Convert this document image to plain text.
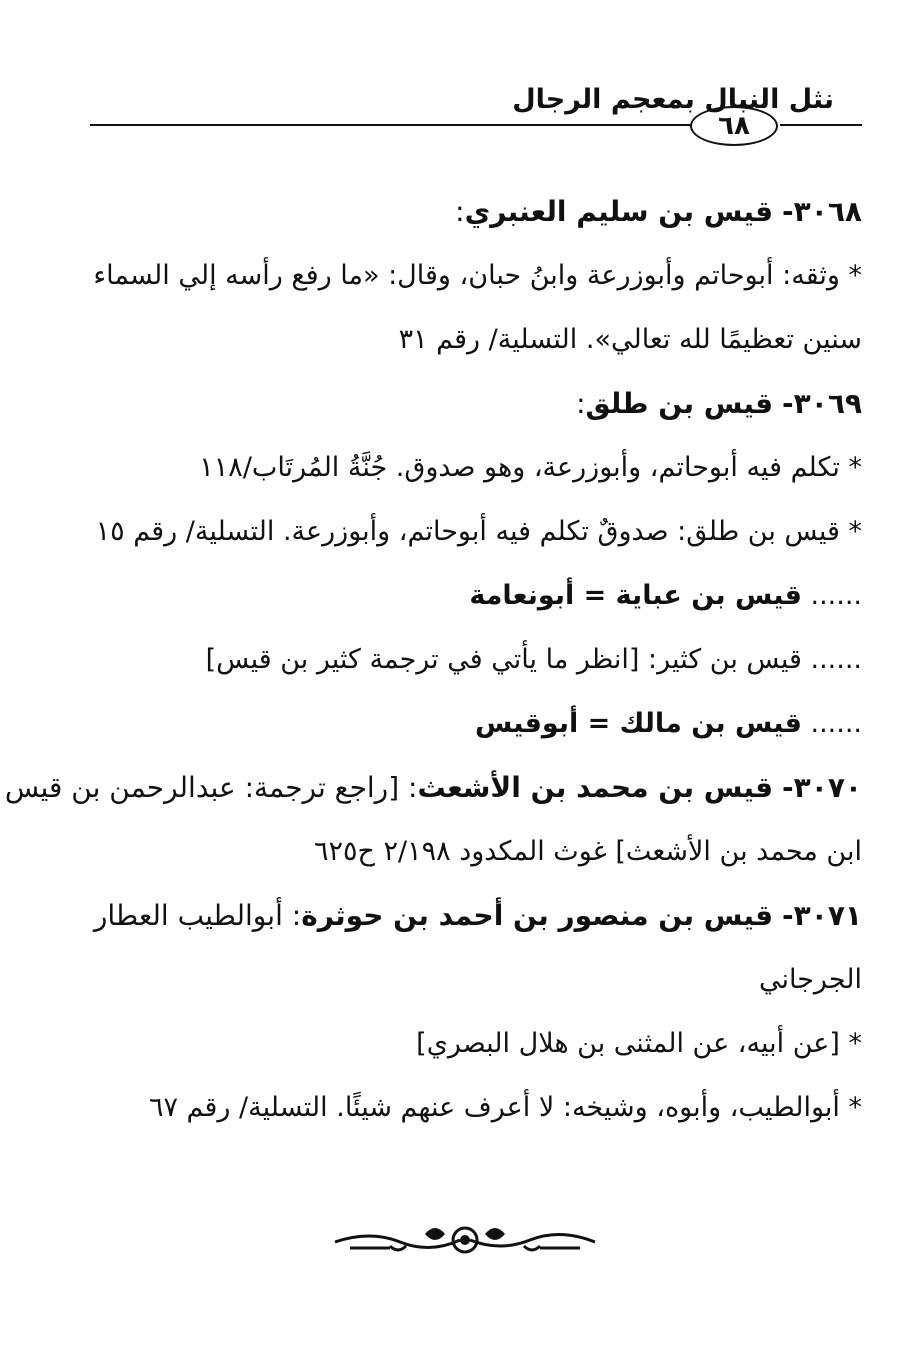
نثل النبال بمعجم الرجال
٦٨
٣٠٦٨- قيس بن سليم العنبري:
* وثقه: أبوحاتم وأبوزرعة وابنُ حبان، وقال: «ما رفع رأسه إلي السماء
سنين تعظيمًا لله تعالي». التسلية/ رقم ٣١
٣٠٦٩- قيس بن طلق:
* تكلم فيه أبوحاتم، وأبوزرعة، وهو صدوق. جُنَّةُ المُرتَاب/١١٨
* قيس بن طلق: صدوقٌ تكلم فيه أبوحاتم، وأبوزرعة. التسلية/ رقم ١٥
...... قيس بن عباية = أبونعامة
...... قيس بن كثير: [انظر ما يأتي في ترجمة كثير بن قيس]
...... قيس بن مالك = أبوقيس
٣٠٧٠- قيس بن محمد بن الأشعث: [راجع ترجمة: عبدالرحمن بن قيس
ابن محمد بن الأشعث] غوث المكدود ٢/١٩٨ ح٦٢٥
٣٠٧١- قيس بن منصور بن أحمد بن حوثرة: أبوالطيب العطار
الجرجاني
* [عن أبيه، عن المثنى بن هلال البصري]
* أبوالطيب، وأبوه، وشيخه: لا أعرف عنهم شيئًا. التسلية/ رقم ٦٧
